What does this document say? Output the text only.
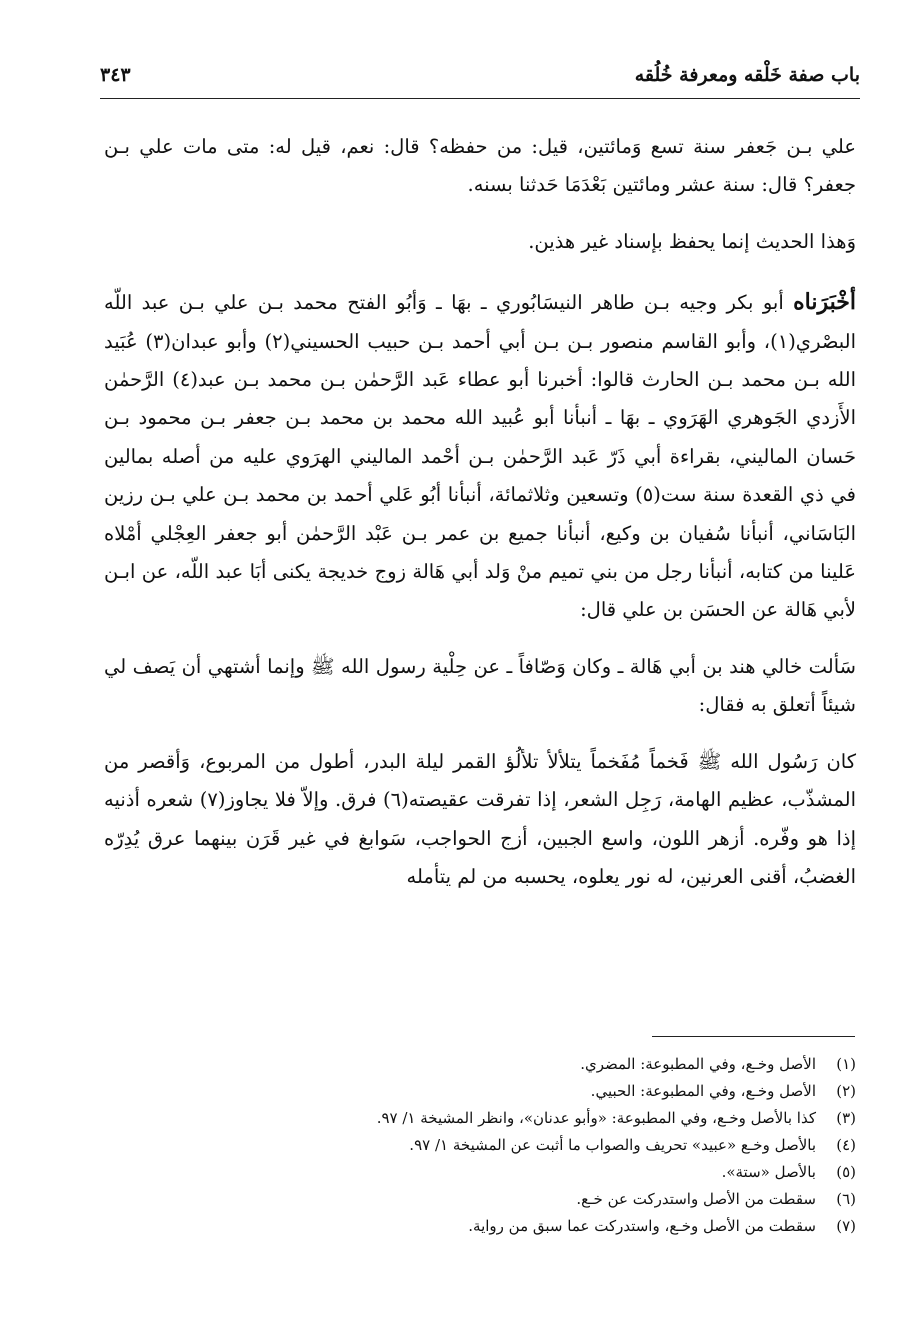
باب صفة خَلْقه ومعرفة خُلُقه
٣٤٣

علي بـن جَعفر سنة تسع وَمائتين، قيل: من حفظه؟ قال: نعم، قيل له: متى مات علي بـن جعفر؟ قال: سنة عشر ومائتين بَعْدَمَا حَدثنا بسنه.

وَهذا الحديث إنما يحفظ بإسناد غير هذين.

أخْبَرَناه أبو بكر وجيه بـن طاهر النيسَابُوري ـ بهَا ـ وَأبُو الفتح محمد بـن علي بـن عبد اللّه البصْري(١)، وأبو القاسم منصور بـن بـن أبي أحمد بـن حبيب الحسيني(٢) وأبو عبدان(٣) عُبَيد الله بـن محمد بـن الحارث قالوا: أخبرنا أبو عطاء عَبد الرَّحمٰن بـن محمد بـن عبد(٤) الرَّحمٰن الأَزدي الجَوهري الهَرَوي ـ بهَا ـ أنبأنا أبو عُبيد الله محمد بن محمد بـن جعفر بـن محمود بـن حَسان الماليني، بقراءة أبي ذَرّ عَبد الرَّحمٰن بـن أحْمد الماليني الهرَوي عليه من أصله بمالين في ذي القعدة سنة ست(٥) وتسعين وثلاثمائة، أنبأنا أبُو عَلي أحمد بن محمد بـن علي بـن رزين البَاسَاني، أنبأنا سُفيان بن وكيع، أنبأنا جميع بن عمر بـن عَبْد الرَّحمٰن أبو جعفر العِجْلي أمْلاه عَلينا من كتابه، أنبأنا رجل من بني تميم منْ وَلد أبي هَالة زوج خديجة يكنى أبَا عبد اللّه، عن ابـن لأبي هَالة عن الحسَن بن علي قال:

سَألت خالي هند بن أبي هَالة ـ وكان وَصّافاً ـ عن حِلْية رسول الله ﷺ وإنما أشتهي أن يَصف لي شيئاً أتعلق به فقال:

كان رَسُول الله ﷺ فَخماً مُفَخماً يتلألأ تلألُؤ القمر ليلة البدر، أطول من المربوع، وَأقصر من المشذّب، عظيم الهامة، رَجِل الشعر، إذا تفرقت عقيصته(٦) فرق. وإلاّ فلا يجاوز(٧) شعره أذنيه إذا هو وفّره. أزهر اللون، واسع الجبين، أزج الحواجب، سَوابغ في غير قَرَن بينهما عرق يُدِرّه الغضبُ، أقنى العرنين، له نور يعلوه، يحسبه من لم يتأمله

(١)الأصل وخـع، وفي المطبوعة: المضري.
(٢)الأصل وخـع، وفي المطبوعة: الحبيي.
(٣)كذا بالأصل وخـع، وفي المطبوعة: «وأبو عدنان»، وانظر المشيخة ١/ ٩٧.
(٤)بالأصل وخـع «عبيد» تحريف والصواب ما أثبت عن المشيخة ١/ ٩٧.
(٥)بالأصل «ستة».
(٦)سقطت من الأصل واستدركت عن خـع.
(٧)سقطت من الأصل وخـع، واستدركت عما سبق من رواية.
